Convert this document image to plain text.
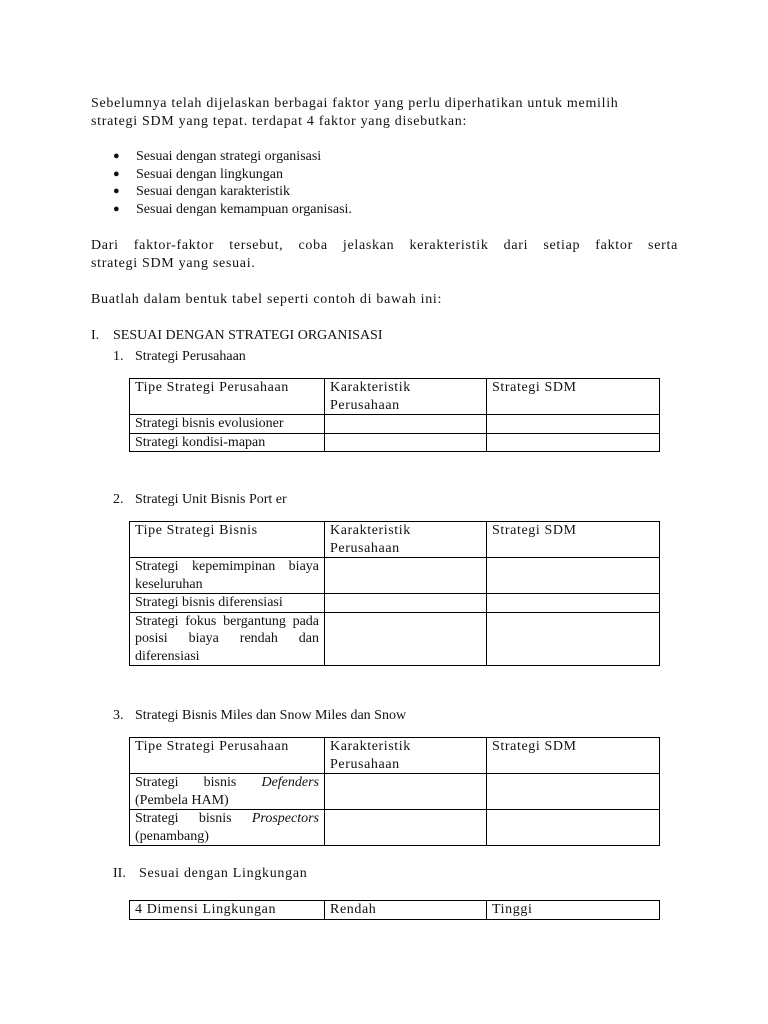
Sebelumnya telah dijelaskan berbagai faktor yang perlu diperhatikan untuk memilih
strategi SDM yang tepat. terdapat 4 faktor yang disebutkan:
● Sesuai dengan strategi organisasi
● Sesuai dengan lingkungan
● Sesuai dengan karakteristik
● Sesuai dengan kemampuan organisasi.
Dari faktor-faktor tersebut, coba jelaskan kerakteristik dari setiap faktor serta
strategi SDM yang sesuai.
Buatlah dalam bentuk tabel seperti contoh di bawah ini:
I. SESUAI DENGAN STRATEGI ORGANISASI
1. Strategi Perusahaan
Tipe Strategi Perusahaan	Karakteristik Perusahaan	Strategi SDM
Strategi bisnis evolusioner		
Strategi kondisi-mapan		
2. Strategi Unit Bisnis Port er
Tipe Strategi Bisnis	Karakteristik Perusahaan	Strategi SDM
Strategi kepemimpinan biaya keseluruhan		
Strategi bisnis diferensiasi		
Strategi fokus bergantung pada posisi biaya rendah dan diferensiasi		
3. Strategi Bisnis Miles dan Snow Miles dan Snow
Tipe Strategi Perusahaan	Karakteristik Perusahaan	Strategi SDM
Strategi bisnis Defenders (Pembela HAM)		
Strategi bisnis Prospectors (penambang)		
II. Sesuai dengan Lingkungan
4 Dimensi Lingkungan	Rendah	Tinggi
